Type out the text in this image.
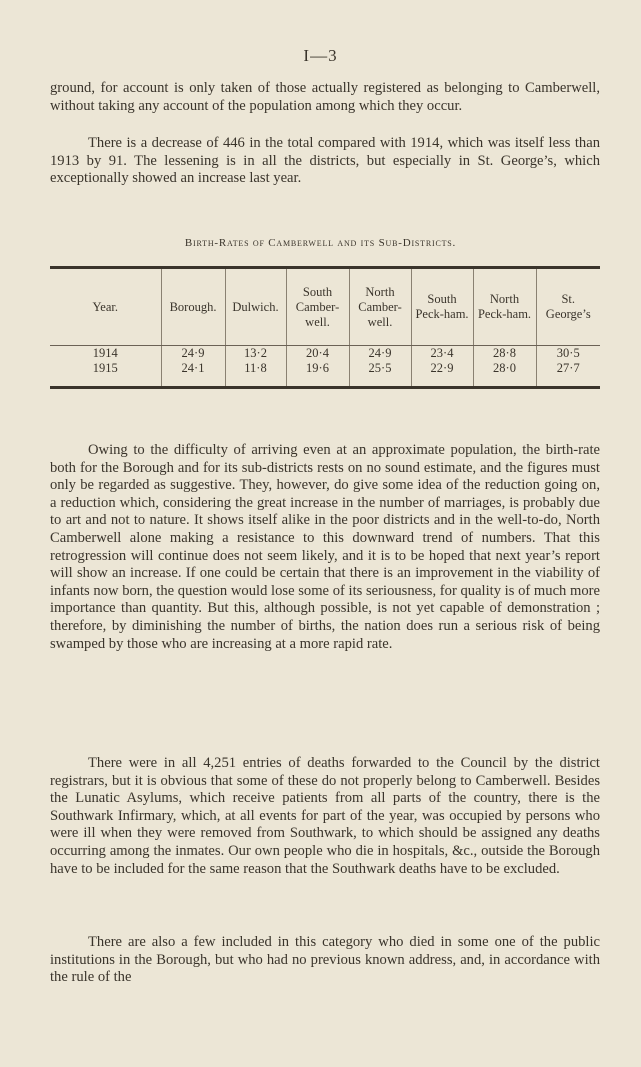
I—3

ground, for account is only taken of those actually registered as belonging to Camberwell, without taking any account of the population among which they occur.

There is a decrease of 446 in the total compared with 1914, which was itself less than 1913 by 91. The lessening is in all the districts, but especially in St. George’s, which exceptionally showed an increase last year.

Birth-Rates of Camberwell and its Sub-Districts.
Year.	Borough.	Dulwich.	South Camber-well.	North Camber-well.	South Peck-ham.	North Peck-ham.	St. George’s

1914	24·9	13·2	20·4	24·9	23·4	28·8	30·5
1915	24·1	11·8	19·6	25·5	22·9	28·0	27·7

Owing to the difficulty of arriving even at an approximate population, the birth-rate both for the Borough and for its sub-districts rests on no sound estimate, and the figures must only be regarded as suggestive. They, however, do give some idea of the reduction going on, a reduction which, considering the great increase in the number of marriages, is probably due to art and not to nature. It shows itself alike in the poor districts and in the well-to-do, North Camberwell alone making a resistance to this downward trend of numbers. That this retrogression will continue does not seem likely, and it is to be hoped that next year’s report will show an increase. If one could be certain that there is an improvement in the viability of infants now born, the question would lose some of its seriousness, for quality is of much more importance than quantity. But this, although possible, is not yet capable of demonstration ; therefore, by diminishing the number of births, the nation does run a serious risk of being swamped by those who are increasing at a more rapid rate.

There were in all 4,251 entries of deaths forwarded to the Council by the district registrars, but it is obvious that some of these do not properly belong to Camberwell. Besides the Lunatic Asylums, which receive patients from all parts of the country, there is the Southwark Infirmary, which, at all events for part of the year, was occupied by persons who were ill when they were removed from Southwark, to which should be assigned any deaths occurring among the inmates. Our own people who die in hospitals, &c., outside the Borough have to be included for the same reason that the Southwark deaths have to be excluded.

There are also a few included in this category who died in some one of the public institutions in the Borough, but who had no previous known address, and, in accordance with the rule of the
